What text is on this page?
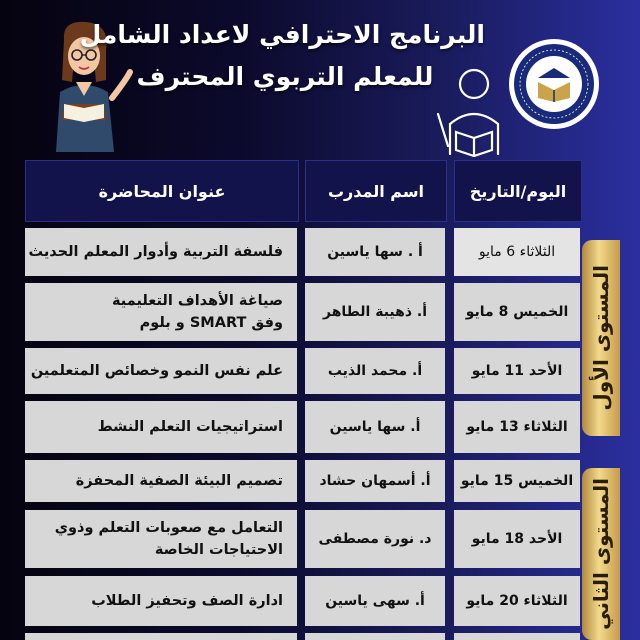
البرنامج الاحترافي لاعداد الشامل
للمعلم التربوي المحترف
اليوم/التاريخ
اسم المدرب
عنوان المحاضرة
المستوى الأول
المستوى الثاني
الثلاثاء 6 مايو
أ . سها ياسين
فلسفة التربية وأدوار المعلم الحديث
الخميس 8 مايو
أ. ذهيبة الطاهر
صياغة الأهداف التعليمية
وفق SMART و بلوم
الأحد 11 مايو
أ. محمد الذيب
علم نفس النمو وخصائص المتعلمين
الثلاثاء 13 مايو
أ. سها ياسين
استراتيجيات التعلم النشط
الخميس 15 مايو
أ. أسمهان حشاد
تصميم البيئة الصفية المحفزة
الأحد 18 مايو
د. نورة مصطفى
التعامل مع صعوبات التعلم وذوي
الاحتياجات الخاصة
الثلاثاء 20 مايو
أ. سهى ياسين
ادارة الصف وتحفيز الطلاب
